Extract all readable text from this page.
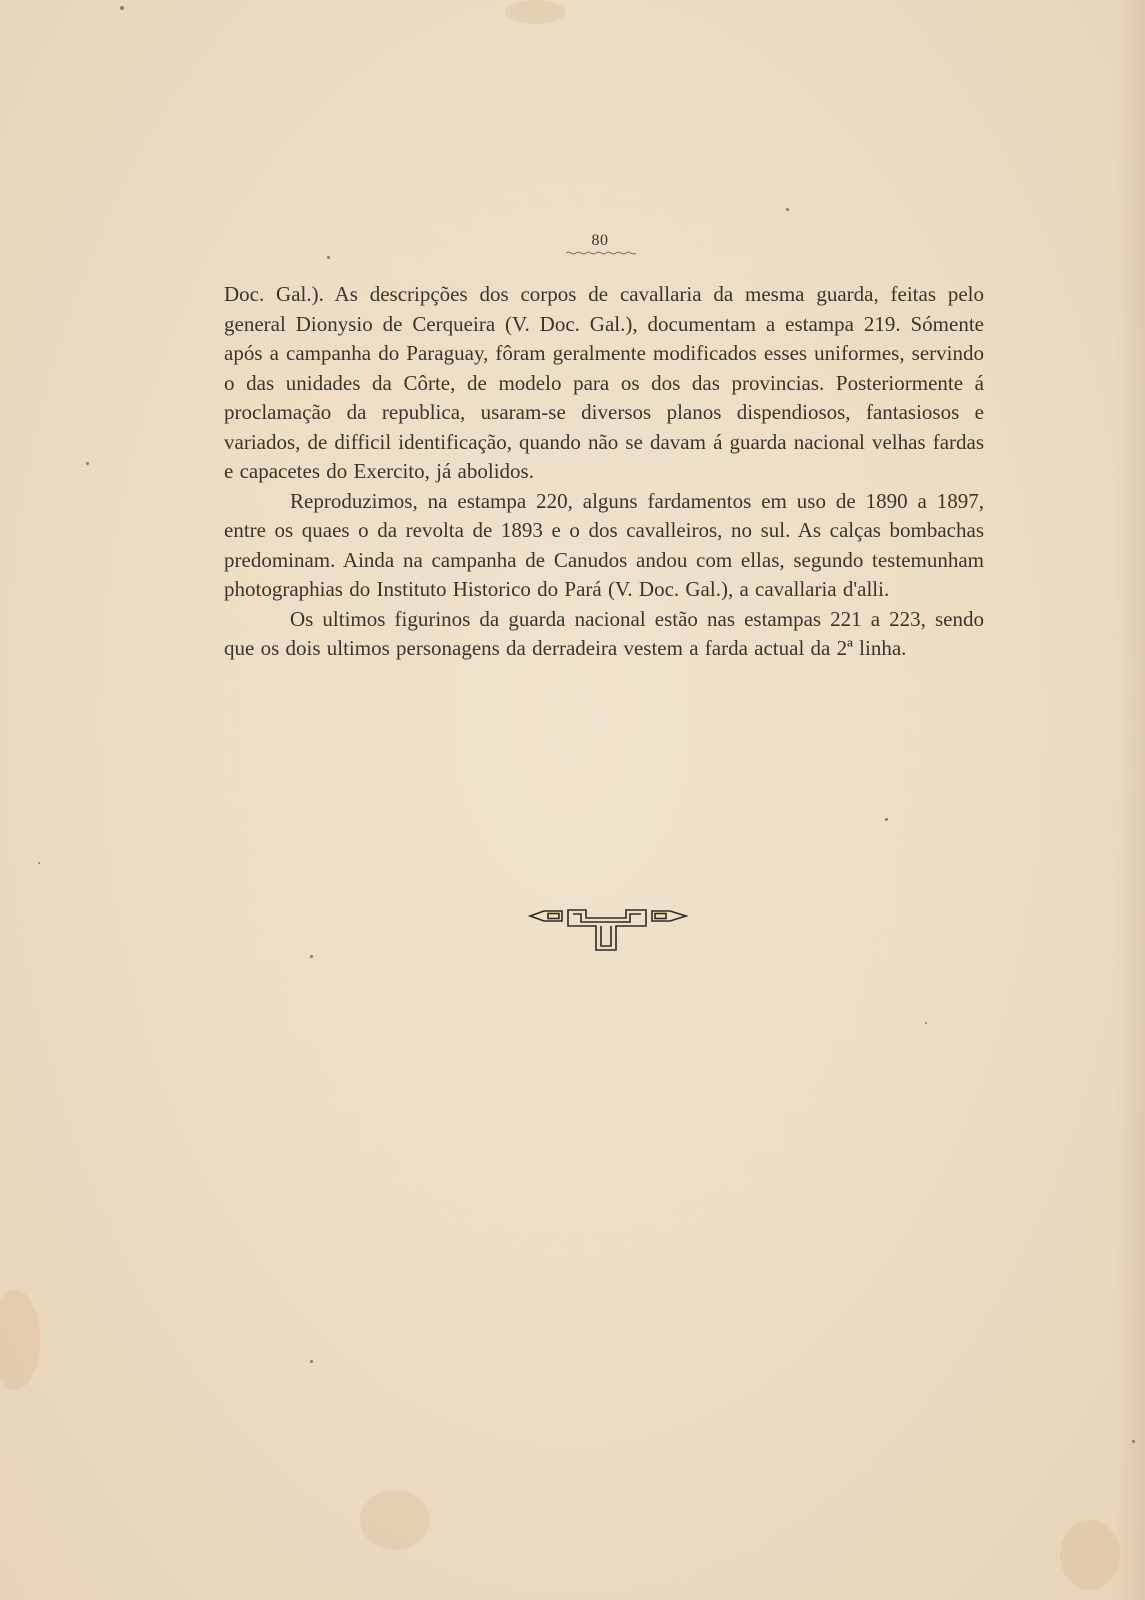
80

Doc. Gal.). As descripções dos corpos de cavallaria da mesma guarda, feitas pelo general Dionysio de Cerqueira (V. Doc. Gal.), documentam a estampa 219. Sómente após a campanha do Paraguay, fôram geralmente modificados esses uniformes, servindo o das unidades da Côrte, de modelo para os dos das provincias. Posteriormente á proclamação da republica, usaram-se diversos planos dispendiosos, fantasiosos e variados, de difficil identificação, quando não se davam á guarda nacional velhas fardas e capacetes do Exercito, já abolidos.

Reproduzimos, na estampa 220, alguns fardamentos em uso de 1890 a 1897, entre os quaes o da revolta de 1893 e o dos cavalleiros, no sul. As calças bombachas predominam. Ainda na campanha de Canudos andou com ellas, segundo testemunham photographias do Instituto Historico do Pará (V. Doc. Gal.), a cavallaria d'alli.

Os ultimos figurinos da guarda nacional estão nas estampas 221 a 223, sendo que os dois ultimos personagens da derradeira vestem a farda actual da 2ª linha.
